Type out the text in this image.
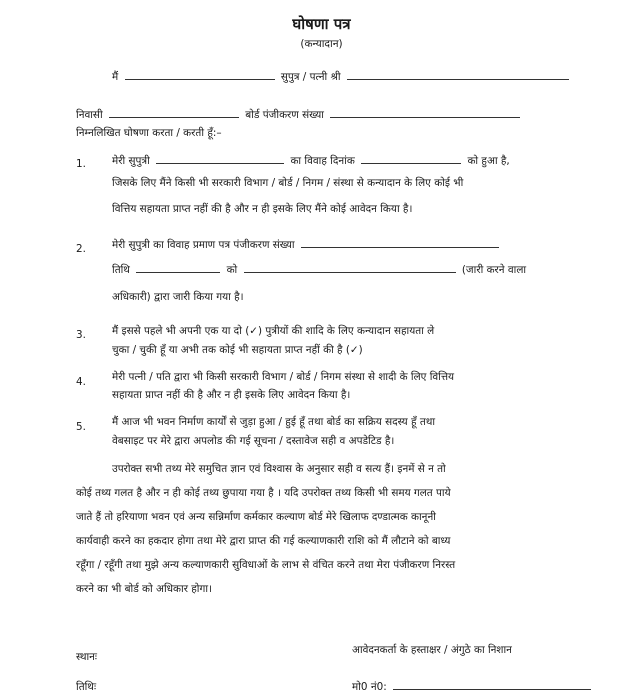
घोषणा पत्र
(कन्यादान)
मैं	सुपुत्र / पत्नी श्री
निवासी	बोर्ड पंजीकरण संख्या
निम्नलिखित घोषणा करता / करती हूँ:–
1.	मेरी सुपुत्री	का विवाह दिनांक	को हुआ है,
जिसके लिए मैंने किसी भी सरकारी विभाग / बोर्ड / निगम / संस्था से कन्यादान के लिए कोई भी
वित्तिय सहायता प्राप्त नहीं की है और न ही इसके लिए मैंने कोई आवेदन किया है।
2.	मेरी सुपुत्री का विवाह प्रमाण पत्र पंजीकरण संख्या
तिथि	को	(जारी करने वाला
अधिकारी) द्वारा जारी किया गया है।
3.	मैं इससे पहले भी अपनी एक या दो (✓) पुत्रीयों की शादि के लिए कन्यादान सहायता ले
चुका / चुकी हूँ या अभी तक कोई भी सहायता प्राप्त नहीं की है (✓)
4.	मेरी पत्नी / पति द्वारा भी किसी सरकारी विभाग / बोर्ड / निगम संस्था से शादी के लिए वित्तिय
सहायता प्राप्त नहीं की है और न ही इसके लिए आवेदन किया है।
5.	मैं आज भी भवन निर्माण कार्यों से जुड़ा हुआ / हुई हूँ तथा बोर्ड का सक्रिय सदस्य हूँ तथा
वेबसाइट पर मेरे द्वारा अपलोड की गई सूचना / दस्तावेज सही व अपडेटिड है।
उपरोक्त सभी तथ्य मेरे समुचित ज्ञान एवं विश्वास के अनुसार सही व सत्य हैं। इनमें से न तो
कोई तथ्य गलत है और न ही कोई तथ्य छुपाया गया है । यदि उपरोक्त तथ्य किसी भी समय गलत पाये
जाते हैं तो हरियाणा भवन एवं अन्य सन्निर्माण कर्मकार कल्याण बोर्ड मेरे खिलाफ दण्डात्मक कानूनी
कार्यवाही करने का हकदार होगा तथा मेरे द्वारा प्राप्त की गई कल्याणकारी राशि को मैं लौटाने को बाध्य
रहूँगा / रहूँगी तथा मुझे अन्य कल्याणकारी सुविधाओं के लाभ से वंचित करने तथा मेरा पंजीकरण निरस्त
करने का भी बोर्ड को अधिकार होगा।
स्थानः
आवेदनकर्ता के हस्ताक्षर / अंगुठे का निशान
तिथिः	मो0 नं0:
